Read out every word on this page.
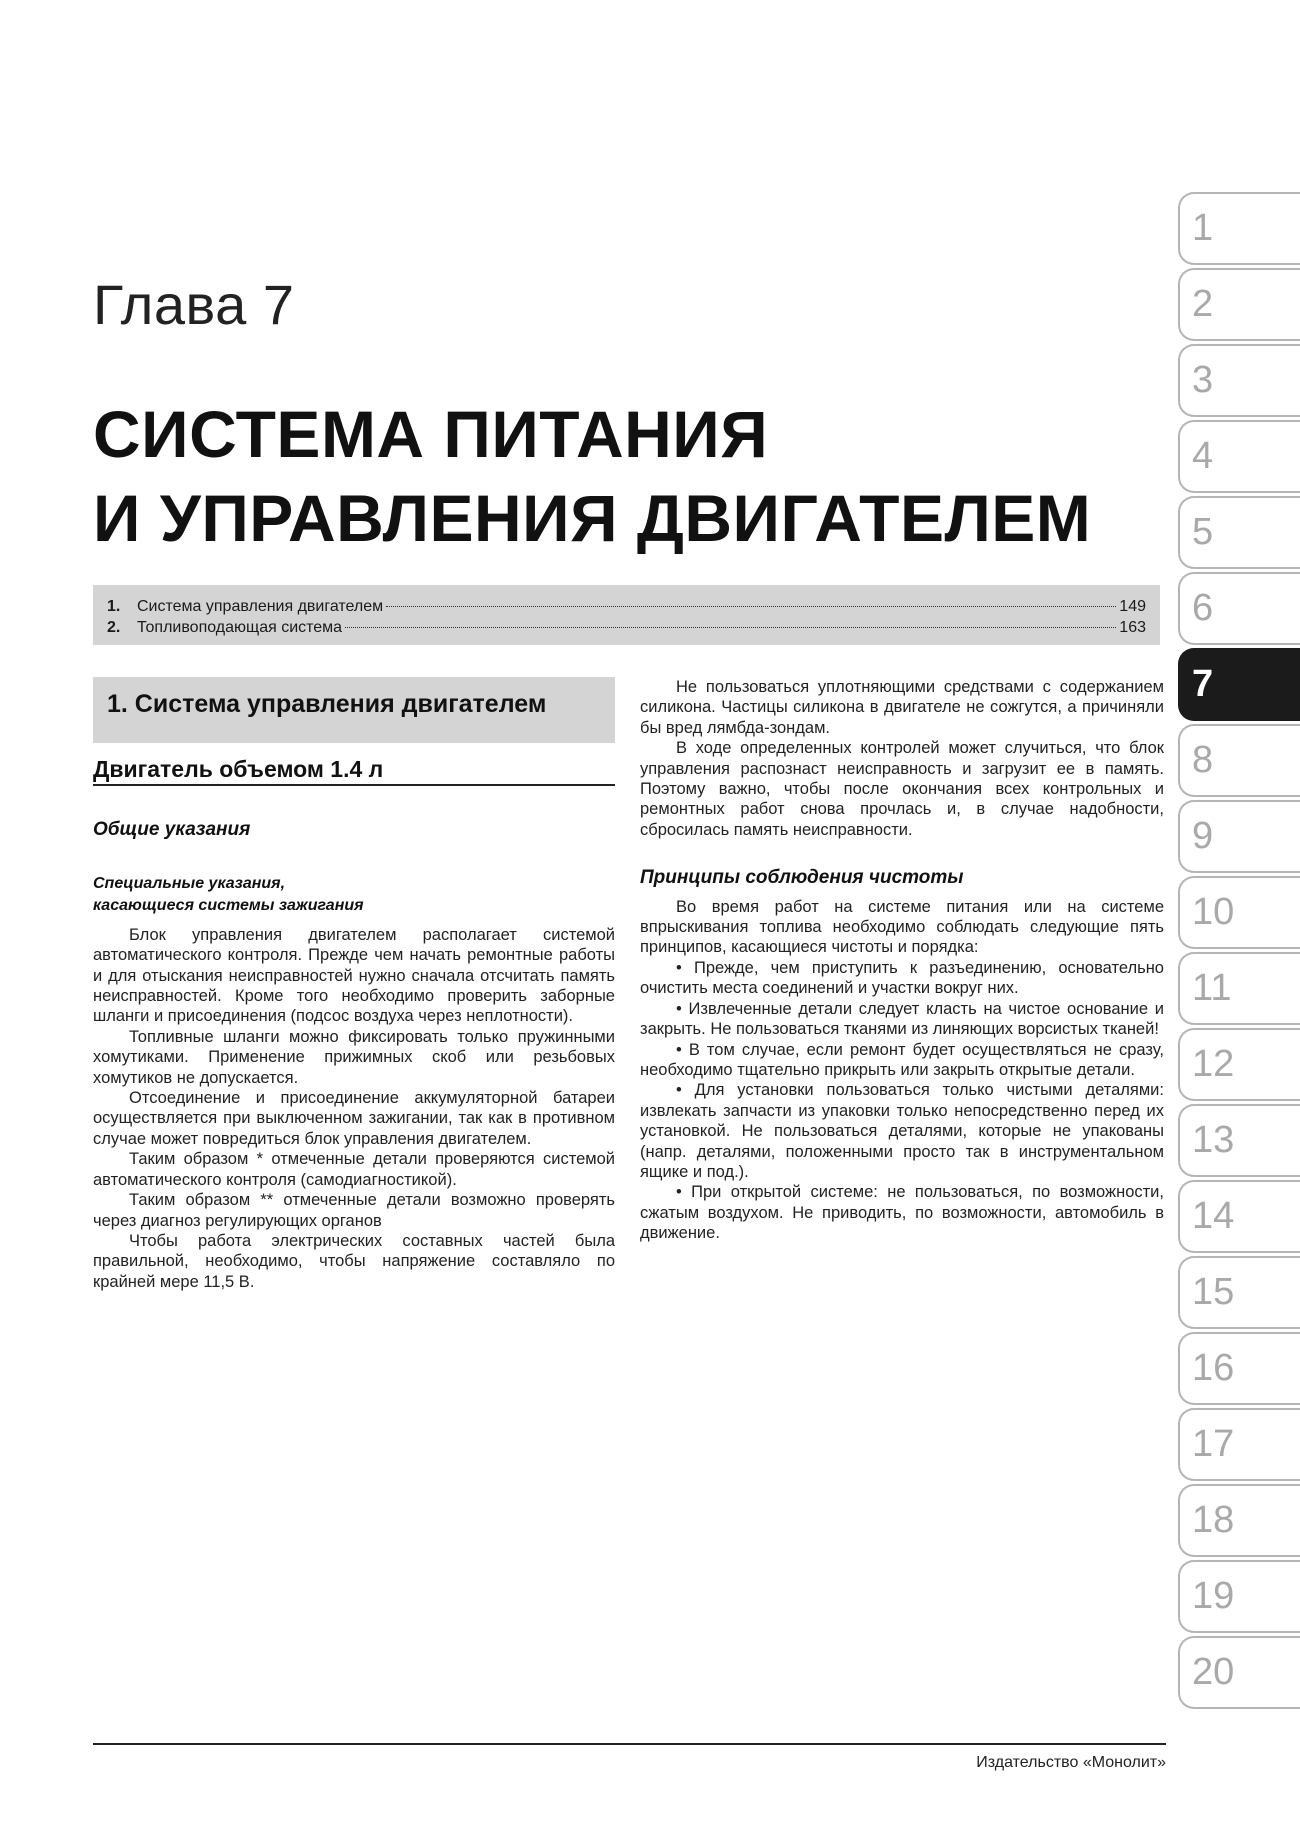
Глава 7
СИСТЕМА ПИТАНИЯ
И УПРАВЛЕНИЯ ДВИГАТЕЛЕМ
1.	Система управления двигателем	149
2.	Топливоподающая система	163
1. Система управления двигателем
Двигатель объемом 1.4 л
Общие указания
Специальные указания,
касающиеся системы зажигания

Блок управления двигателем располагает системой автоматического контроля. Прежде чем начать ремонтные работы и для отыскания неисправностей нужно сначала отсчитать память неисправностей. Кроме того необходимо проверить заборные шланги и присоединения (подсос воздуха через неплотности).

Топливные шланги можно фиксировать только пружинными хомутиками. Применение прижимных скоб или резьбовых хомутиков не допускается.

Отсоединение и присоединение аккумуляторной батареи осуществляется при выключенном зажигании, так как в противном случае может повредиться блок управления двигателем.

Таким образом * отмеченные детали проверяются системой автоматического контроля (самодиагностикой).

Таким образом ** отмеченные детали возможно проверять через диагноз регулирующих органов

Чтобы работа электрических составных частей была правильной, необходимо, чтобы напряжение составляло по крайней мере 11,5 В.

Не пользоваться уплотняющими средствами с содержанием силикона. Частицы силикона в двигателе не сожгутся, а причиняли бы вред лямбда-зондам.

В ходе определенных контролей может случиться, что блок управления распознаст неисправность и загрузит ее в память. Поэтому важно, чтобы после окончания всех контрольных и ремонтных работ снова прочлась и, в случае надобности, сбросилась память неисправности.

Принципы соблюдения чистоты

Во время работ на системе питания или на системе впрыскивания топлива необходимо соблюдать следующие пять принципов, касающиеся чистоты и порядка:

• Прежде, чем приступить к разъединению, основательно очистить места соединений и участки вокруг них.

• Извлеченные детали следует класть на чистое основание и закрыть. Не пользоваться тканями из линяющих ворсистых тканей!

• В том случае, если ремонт будет осуществляться не сразу, необходимо тщательно прикрыть или закрыть открытые детали.

• Для установки пользоваться только чистыми деталями: извлекать запчасти из упаковки только непосредственно перед их установкой. Не пользоваться деталями, которые не упакованы (напр. деталями, положенными просто так в инструментальном ящике и под.).

• При открытой системе: не пользоваться, по возможности, сжатым воздухом. Не приводить, по возможности, автомобиль в движение.

Издательство «Монолит»
1
2
3
4
5
6
7
8
9
10
11
12
13
14
15
16
17
18
19
20
